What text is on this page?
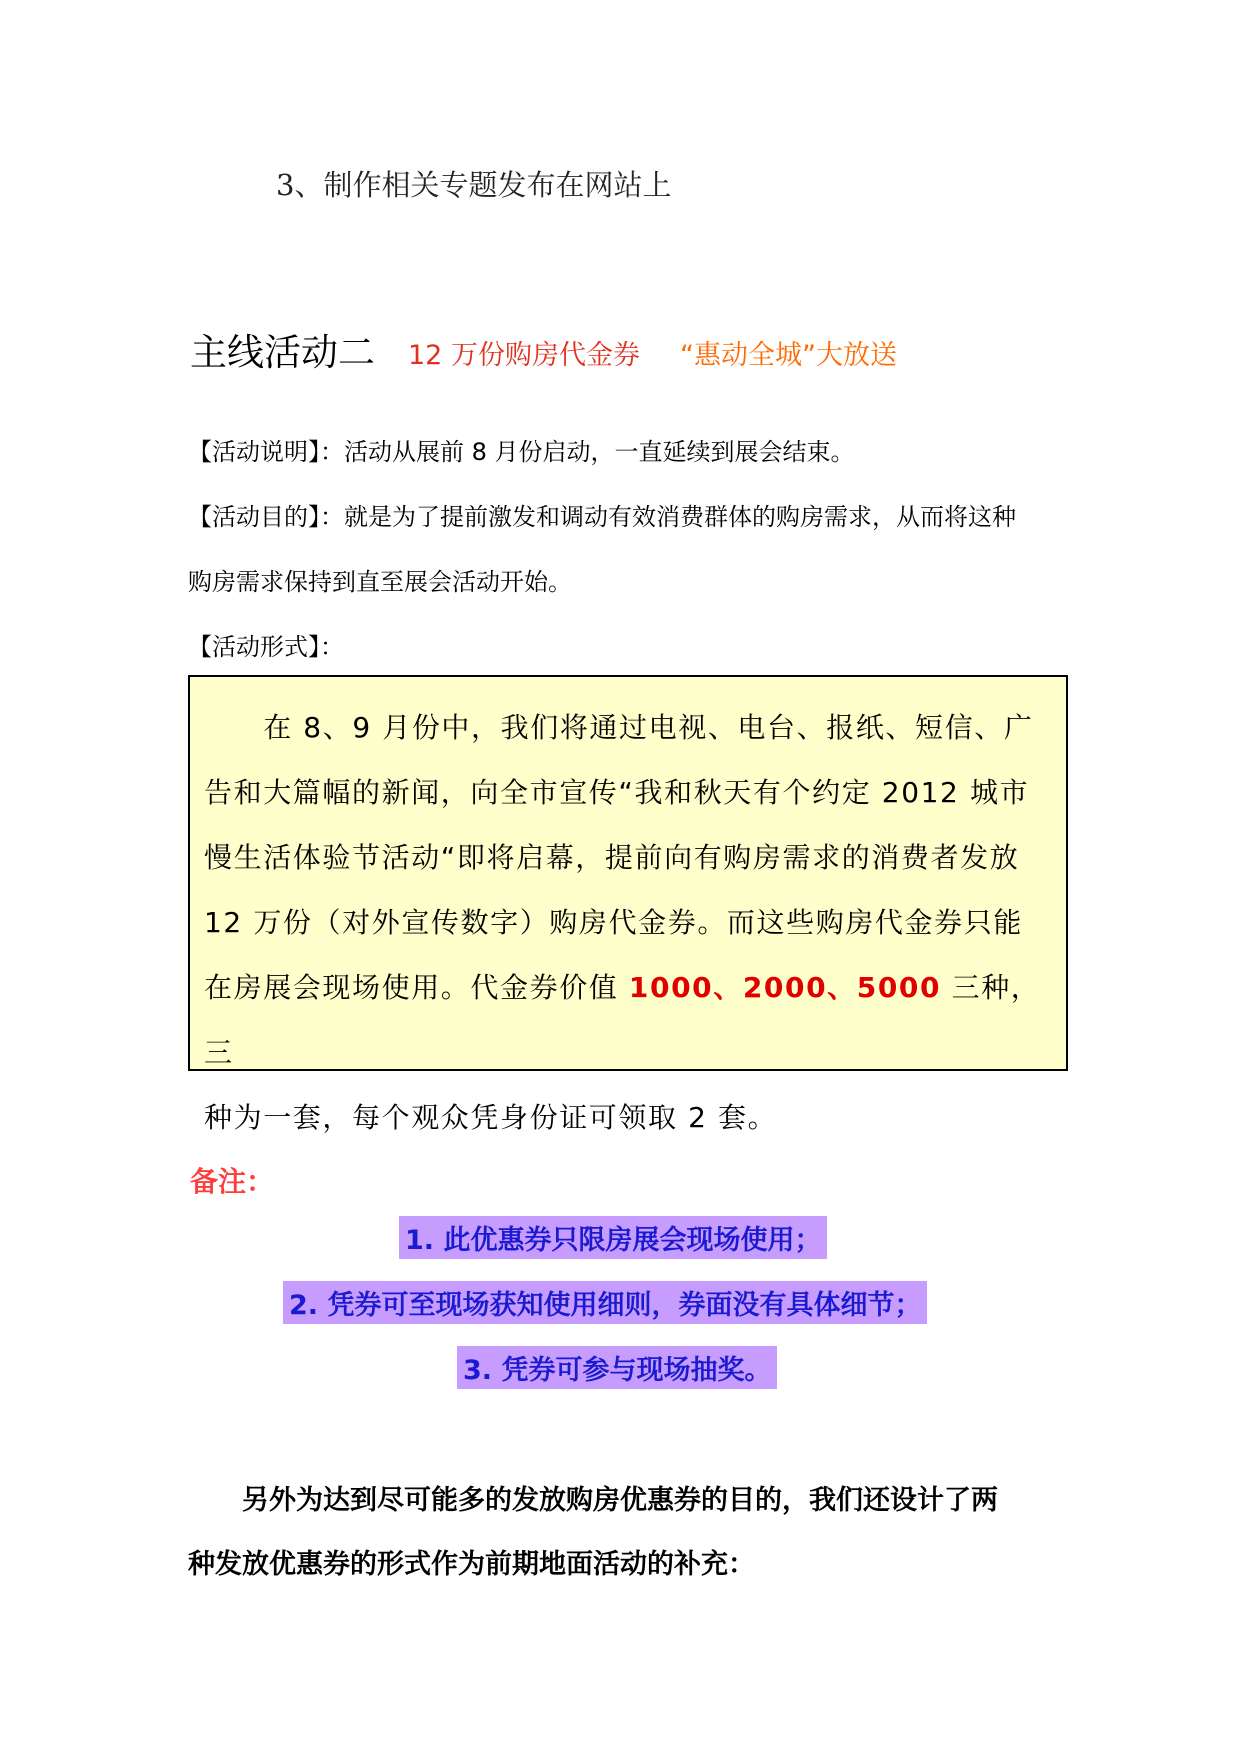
3、制作相关专题发布在网站上
主线活动二 12 万份购房代金券 “惠动全城”大放送
【活动说明】：活动从展前 8 月份启动，一直延续到展会结束。
【活动目的】：就是为了提前激发和调动有效消费群体的购房需求，从而将这种
购房需求保持到直至展会活动开始。
【活动形式】：

　　在 8、9 月份中，我们将通过电视、电台、报纸、短信、广

告和大篇幅的新闻，向全市宣传“我和秋天有个约定 2012 城市

慢生活体验节活动“即将启幕，提前向有购房需求的消费者发放

12 万份（对外宣传数字）购房代金券。而这些购房代金券只能

在房展会现场使用。代金券价值 1000、2000、5000 三种，三

种为一套，每个观众凭身份证可领取 2 套。

备注：
1. 此优惠券只限房展会现场使用；
2. 凭券可至现场获知使用细则，券面没有具体细节；
3. 凭券可参与现场抽奖。
　　另外为达到尽可能多的发放购房优惠券的目的，我们还设计了两
种发放优惠券的形式作为前期地面活动的补充：
